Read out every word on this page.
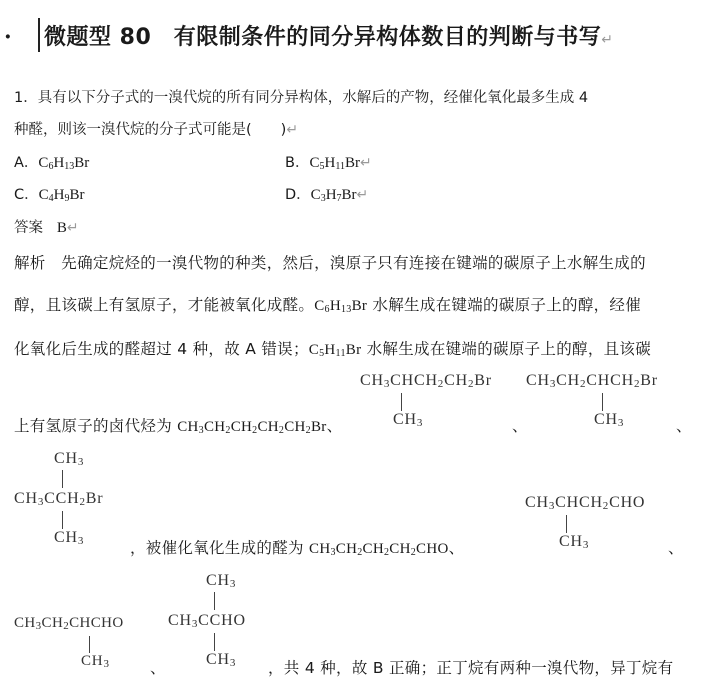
· 微题型 80　有限制条件的同分异构体数目的判断与书写↵
1．具有以下分子式的一溴代烷的所有同分异构体，水解后的产物，经催化氧化最多生成 4
种醛，则该一溴代烷的分子式可能是(　　)↵
A．$C_6H_{13}Br$	B．$C_5H_{11}Br↵$
C．$C_4H_9Br$	D．$C_3H_7Br↵$
答案 B↵
解析 先确定烷烃的一溴代物的种类，然后，溴原子只有连接在键端的碳原子上水解生成的
醇，且该碳上有氢原子，才能被氧化成醛。$C_6H_{13}Br$ 水解生成在键端的碳原子上的醇，经催
化氧化后生成的醛超过 4 种，故 A 错误；$C_5H_{11}Br$ 水解生成在键端的碳原子上的醇，且该碳
$CH_3CHCH_2CH_2Br$
$CH_3$
上有氢原子的卤代烃为 $CH_3CH_2CH_2CH_2CH_2Br$、	、
$CH_3CH_2CHCH_2Br$
$CH_3$	、
$CH_3$
$CH_3CCH_2Br$
$CH_3$	，被催化氧化生成的醛为 $CH_3CH_2CH_2CH_2CHO$、
$CH_3CHCH_2CHO$
$CH_3$	、
$CH_3CH_2CHCHO$
$CH_3$	、
$CH_3$
$CH_3CCHO$
$CH_3$ ，共 4 种，故 B 正确；正丁烷有两种一溴代物，异丁烷有
